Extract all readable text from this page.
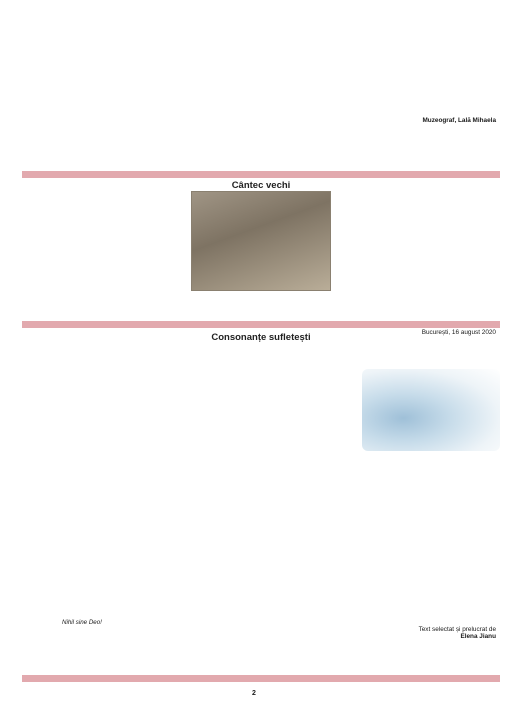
Muzeograf, Lală Mihaela
Cântec vechi

București, 16 august 2020
Consonanțe sufletești

Nihil sine Deo!
Text selectat și prelucrat de
Elena Jianu
2
